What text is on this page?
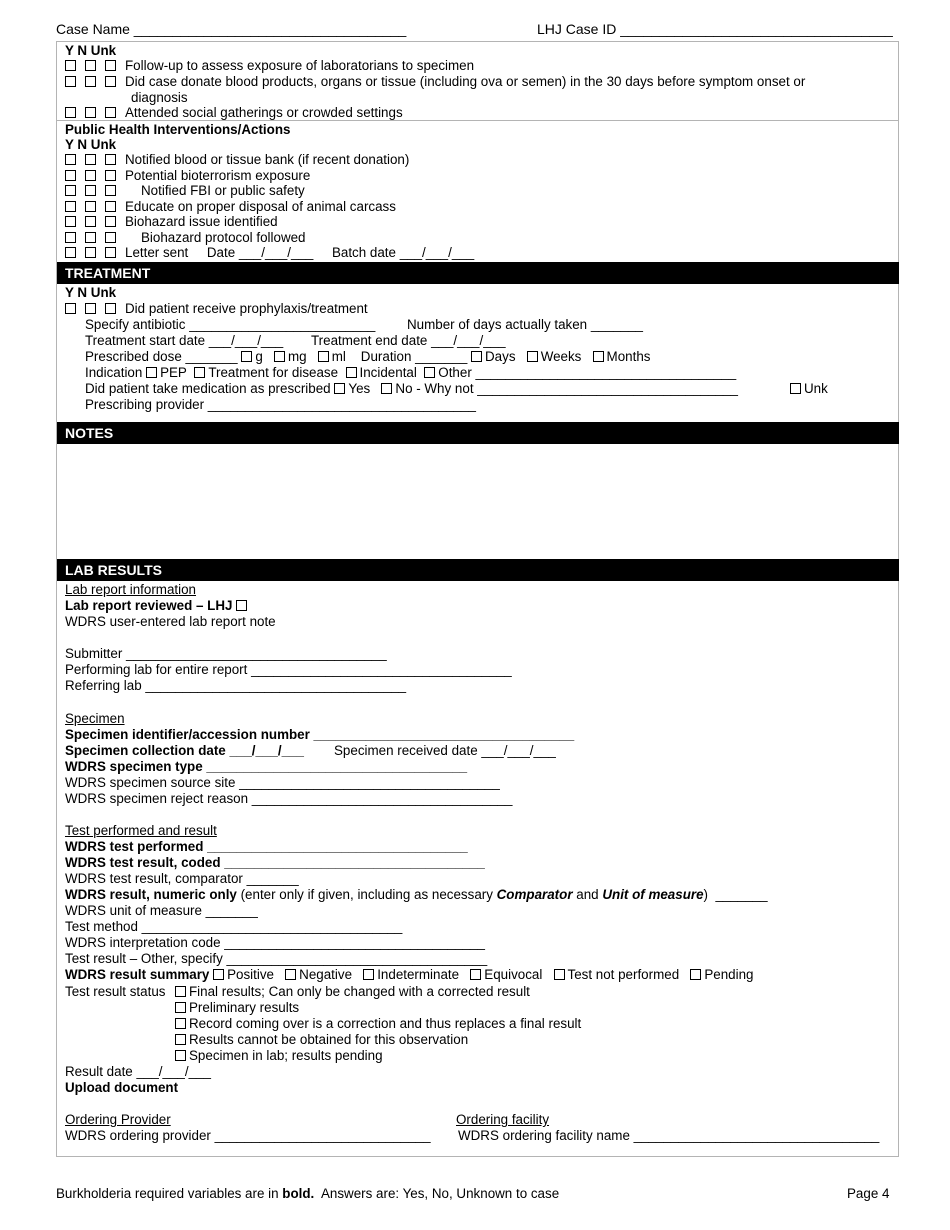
Case Name ___________________________________	LHJ Case ID ___________________________________
Y N Unk
Follow-up to assess exposure of laboratorians to specimen
Did case donate blood products, organs or tissue (including ova or semen) in the 30 days before symptom onset or
diagnosis
Attended social gatherings or crowded settings
Public Health Interventions/Actions
Y N Unk
Notified blood or tissue bank (if recent donation)
Potential bioterrorism exposure
Notified FBI or public safety
Educate on proper disposal of animal carcass
Biohazard issue identified
Biohazard protocol followed
Letter sent     Date ___/___/___     Batch date ___/___/___
TREATMENT
Y N Unk
Did patient receive prophylaxis/treatment
Specify antibiotic _________________________ Number of days actually taken _______
Treatment start date ___/___/___ Treatment end date ___/___/___
Prescribed dose _______ g mg ml Duration _______ Days Weeks Months
Indication PEP Treatment for disease Incidental Other ___________________________________
Did patient take medication as prescribed Yes No - Why not ___________________________________	Unk
Prescribing provider ____________________________________
NOTES
LAB RESULTS
Lab report information
Lab report reviewed – LHJ
WDRS user-entered lab report note
Submitter ___________________________________
Performing lab for entire report ___________________________________
Referring lab ___________________________________
Specimen
Specimen identifier/accession number ___________________________________
Specimen collection date ___/___/___ Specimen received date ___/___/___
WDRS specimen type ___________________________________
WDRS specimen source site ___________________________________
WDRS specimen reject reason ___________________________________
Test performed and result
WDRS test performed ___________________________________
WDRS test result, coded ___________________________________
WDRS test result, comparator _______
WDRS result, numeric only (enter only if given, including as necessary Comparator and Unit of measure)  _______
WDRS unit of measure _______
Test method ___________________________________
WDRS interpretation code ___________________________________
Test result – Other, specify ___________________________________
WDRS result summary Positive Negative Indeterminate Equivocal Test not performed Pending
Test result status	Final results; Can only be changed with a corrected result
Preliminary results
Record coming over is a correction and thus replaces a final result
Results cannot be obtained for this observation
Specimen in lab; results pending
Result date ___/___/___
Upload document
Ordering Provider	Ordering facility
WDRS ordering provider _____________________________ WDRS ordering facility name _________________________________
Burkholderia required variables are in bold.  Answers are: Yes, No, Unknown to case	Page 4
